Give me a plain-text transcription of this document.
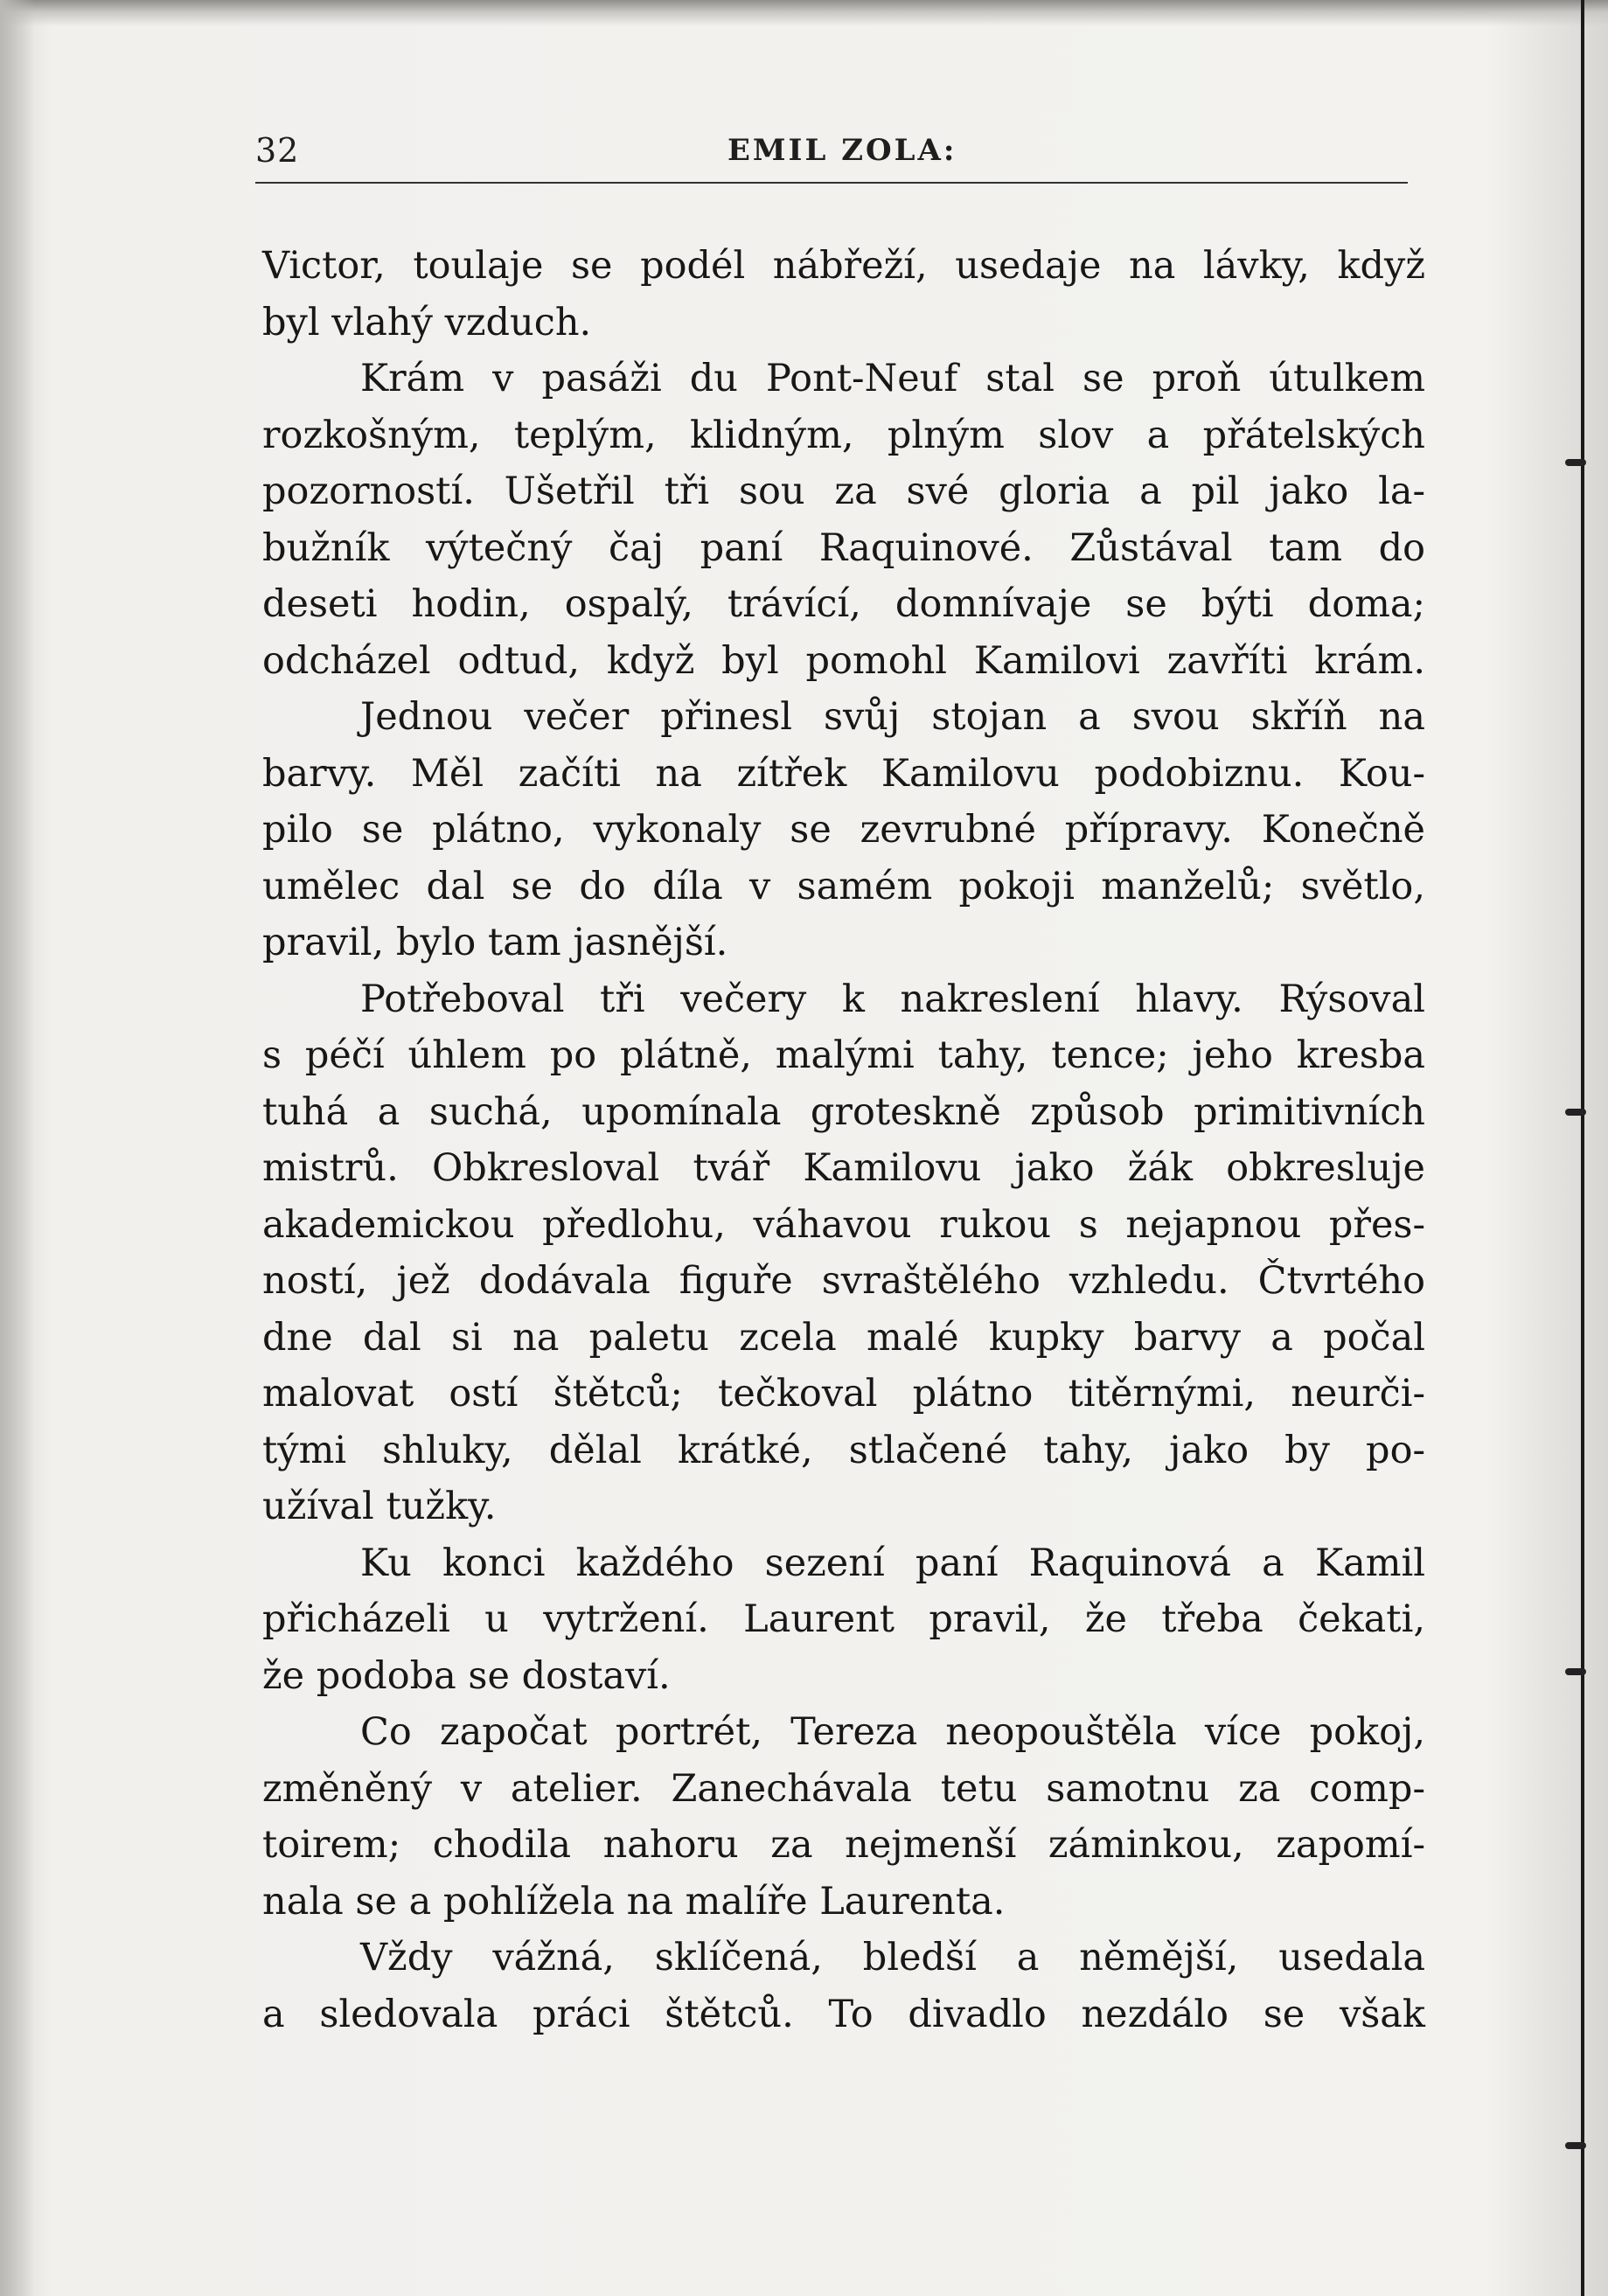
32	EMIL ZOLA:
Victor, toulaje se podél nábřeží, usedaje na lávky, když
byl vlahý vzduch.
Krám v pasáži du Pont-Neuf stal se proň útulkem
rozkošným, teplým, klidným, plným slov a přátelských
pozorností. Ušetřil tři sou za své gloria a pil jako la-
bužník výtečný čaj paní Raquinové. Zůstával tam do
deseti hodin, ospalý, trávící, domnívaje se býti doma;
odcházel odtud, když byl pomohl Kamilovi zavříti krám.
Jednou večer přinesl svůj stojan a svou skříň na
barvy. Měl začíti na zítřek Kamilovu podobiznu. Kou-
pilo se plátno, vykonaly se zevrubné přípravy. Konečně
umělec dal se do díla v samém pokoji manželů; světlo,
pravil, bylo tam jasnější.
Potřeboval tři večery k nakreslení hlavy. Rýsoval
s péčí úhlem po plátně, malými tahy, tence; jeho kresba
tuhá a suchá, upomínala groteskně způsob primitivních
mistrů. Obkresloval tvář Kamilovu jako žák obkresluje
akademickou předlohu, váhavou rukou s nejapnou přes-
ností, jež dodávala figuře svraštělého vzhledu. Čtvrtého
dne dal si na paletu zcela malé kupky barvy a počal
malovat ostí štětců; tečkoval plátno titěrnými, neurči-
tými shluky, dělal krátké, stlačené tahy, jako by po-
užíval tužky.
Ku konci každého sezení paní Raquinová a Kamil
přicházeli u vytržení. Laurent pravil, že třeba čekati,
že podoba se dostaví.
Co započat portrét, Tereza neopouštěla více pokoj,
změněný v atelier. Zanechávala tetu samotnu za comp-
toirem; chodila nahoru za nejmenší záminkou, zapomí-
nala se a pohlížela na malíře Laurenta.
Vždy vážná, sklíčená, bledší a němější, usedala
a sledovala práci štětců. To divadlo nezdálo se však
